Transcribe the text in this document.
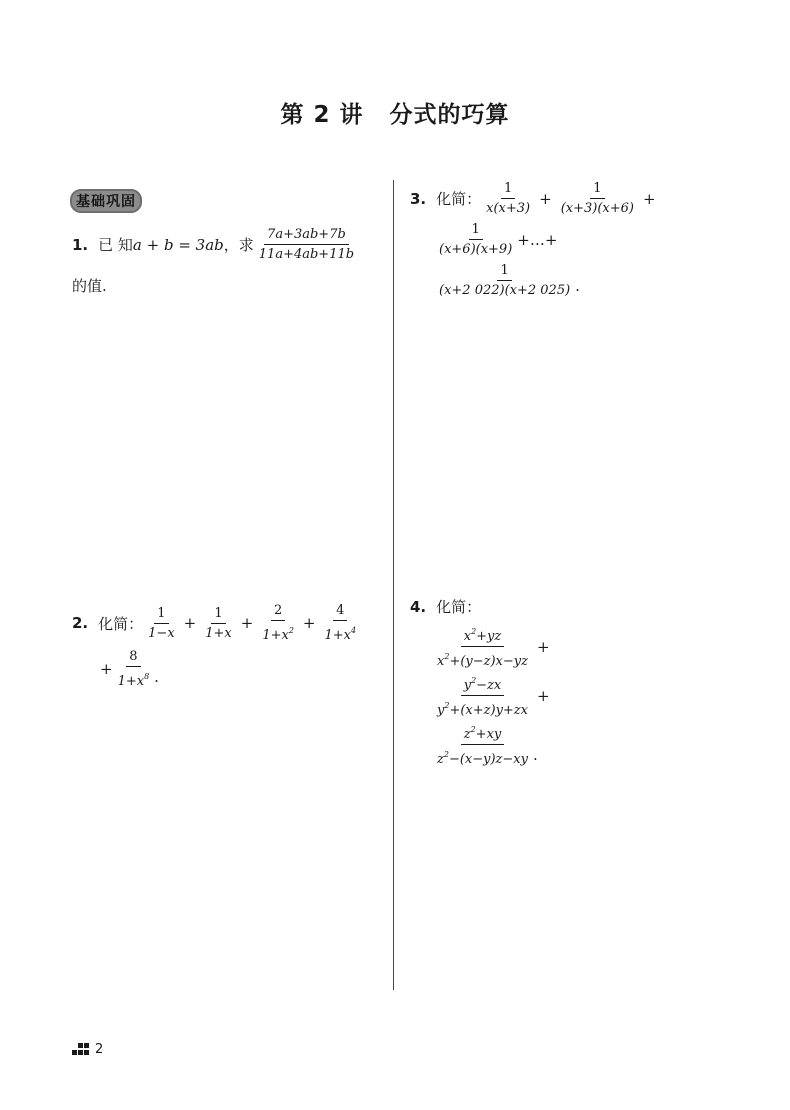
第 2 讲 分式的巧算
基础巩固
1. 已 知 a + b = 3ab ，求 $\frac{7a+3ab+7b}{11a+4ab+11b}$
的值.
2. 化简： $\frac{1}{1-x} + \frac{1}{1+x} + \frac{2}{1+x^2} + \frac{4}{1+x^4}$
+ $\frac{8}{1+x^8}$ .
3. 化简： $\frac{1}{x(x+3)} + \frac{1}{(x+3)(x+6)}$ +
$\frac{1}{(x+6)(x+9)}$ +…+
$\frac{1}{(x+2 022)(x+2 025)}$ .
4. 化简：
$\frac{x^2+yz}{x^2+(y-z)x-yz}$ +
$\frac{y^2-zx}{y^2+(x+z)y+zx}$ +
$\frac{z^2+xy}{z^2-(x-y)z-xy}$ .
2
